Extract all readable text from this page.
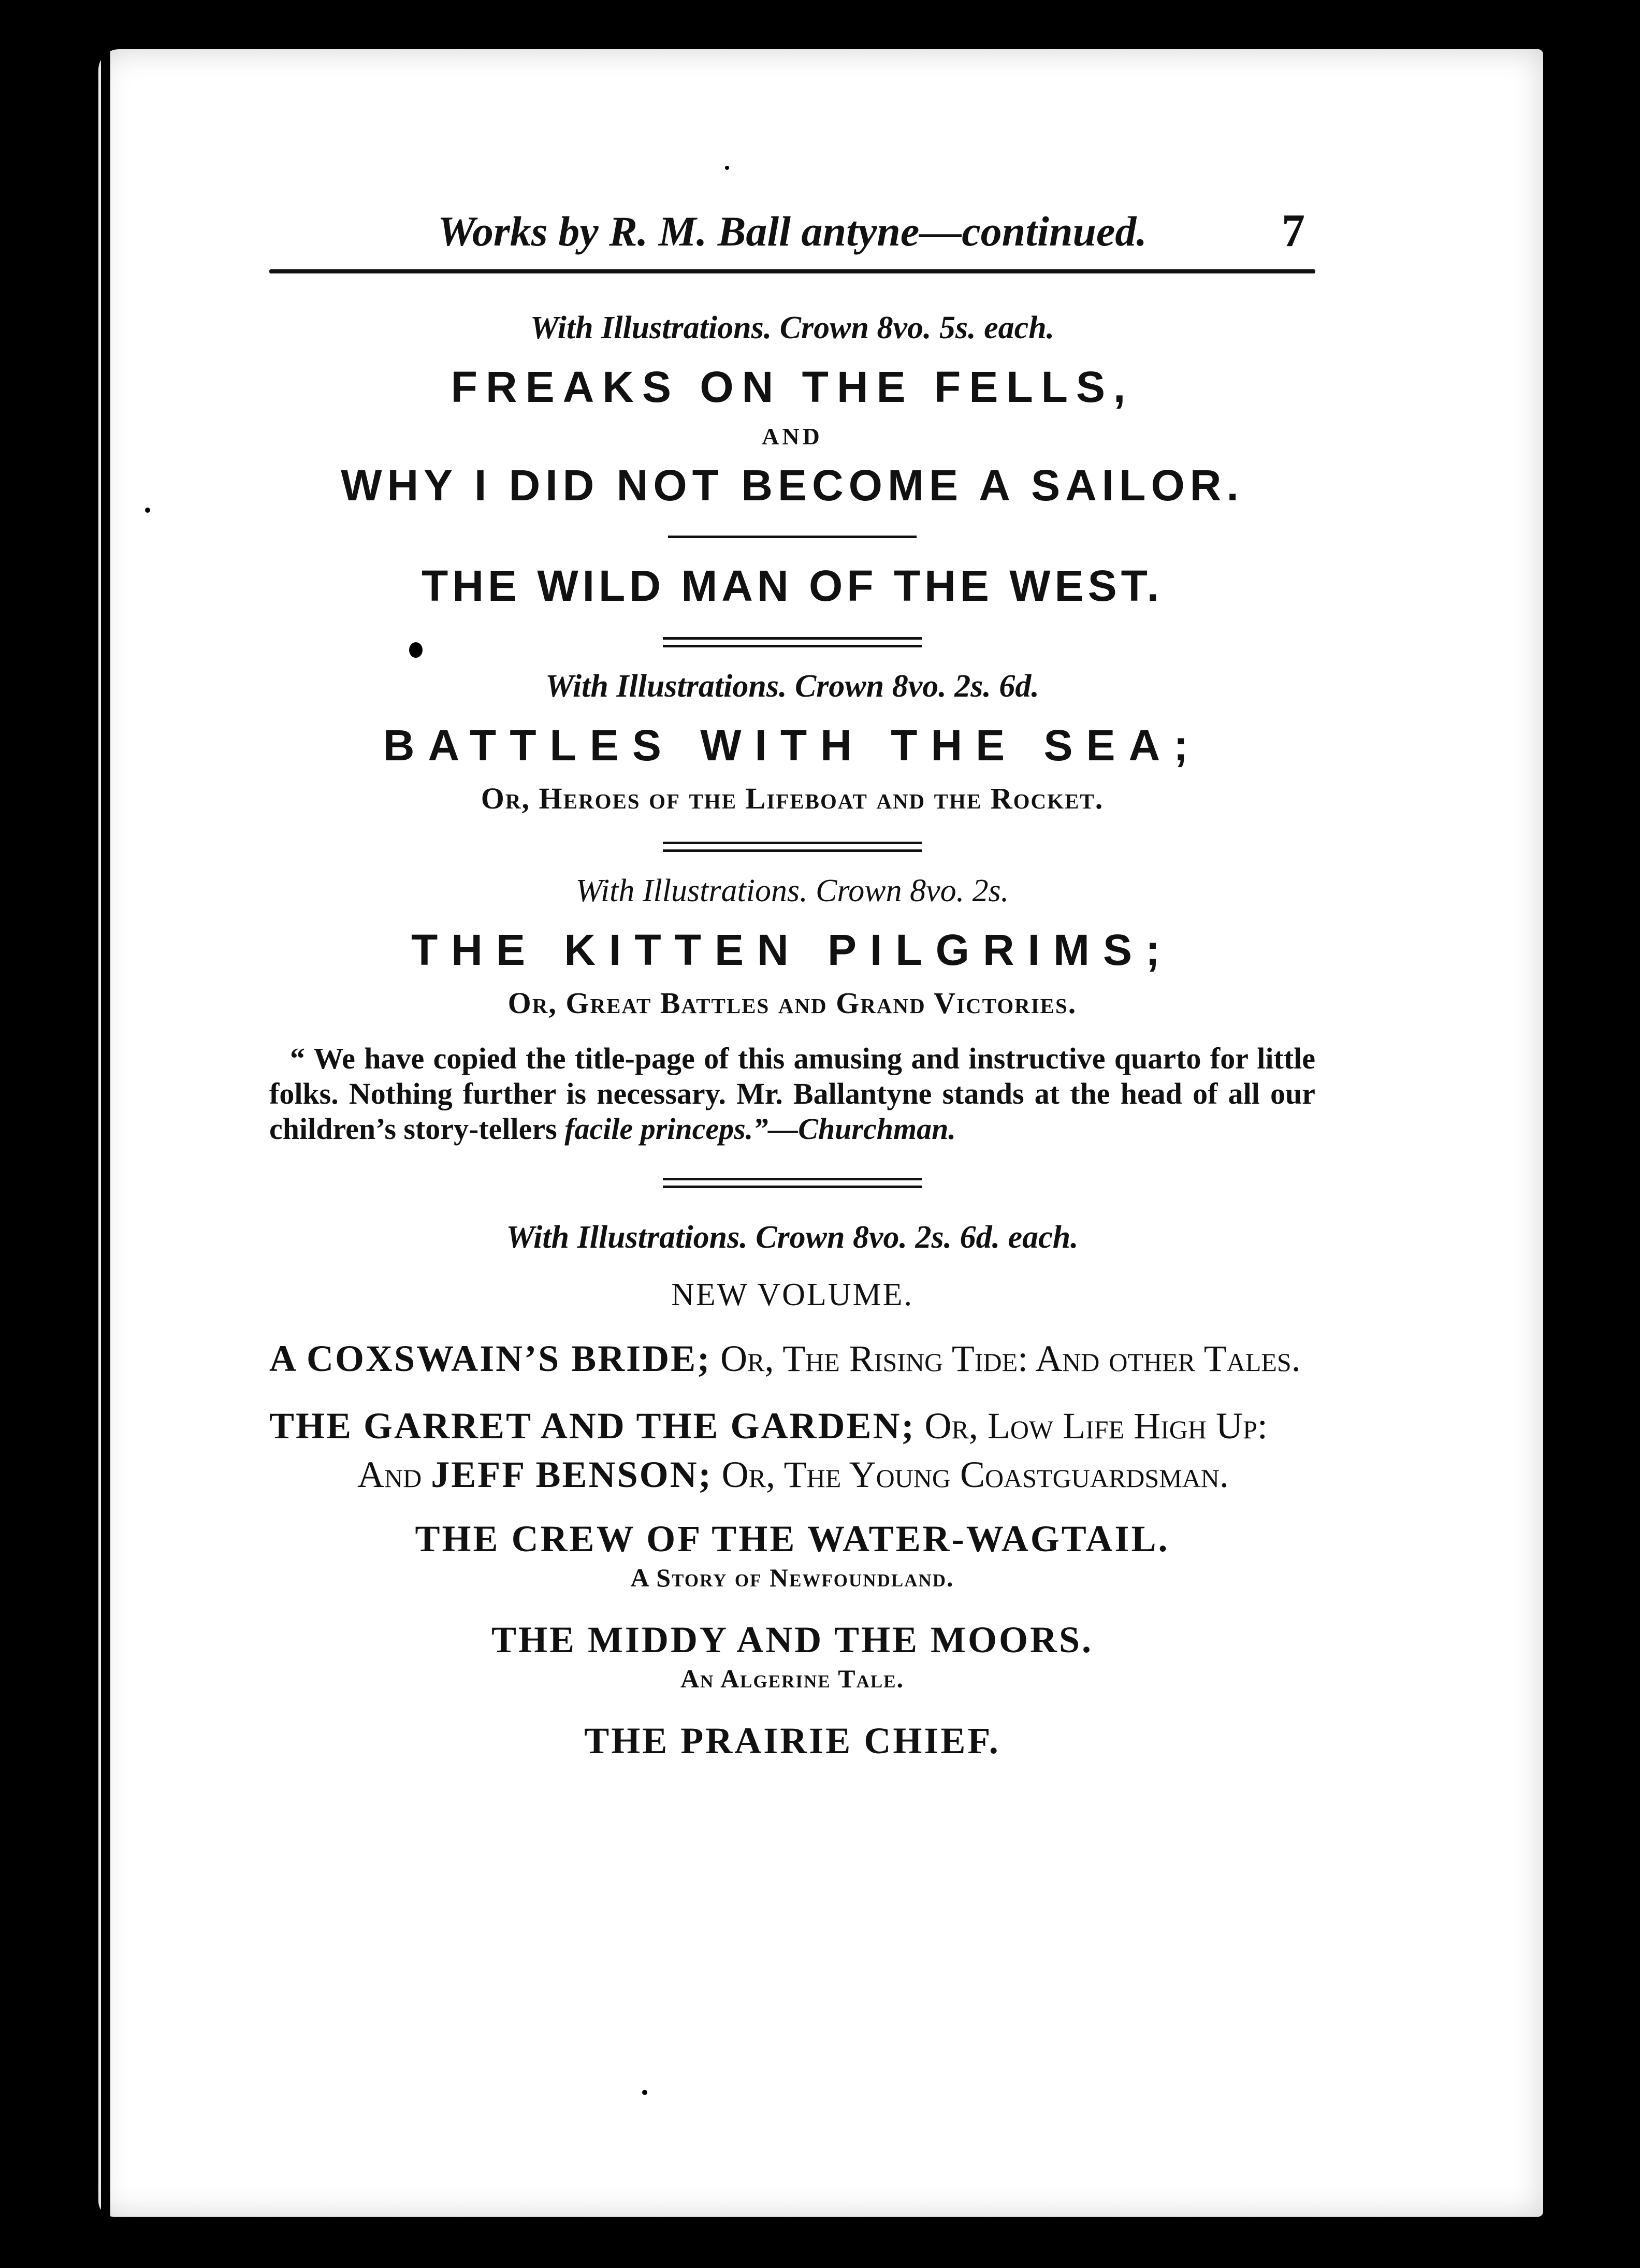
Works by R. M. Ball antyne—continued.	7
With Illustrations. Crown 8vo. 5s. each.
FREAKS ON THE FELLS,
AND
WHY I DID NOT BECOME A SAILOR.
THE WILD MAN OF THE WEST.
With Illustrations. Crown 8vo. 2s. 6d.
BATTLES WITH THE SEA;
Or, Heroes of the Lifeboat and the Rocket.
With Illustrations. Crown 8vo. 2s.
THE KITTEN PILGRIMS;
Or, Great Battles and Grand Victories.
“ We have copied the title-page of this amusing and instructive quarto for little folks. Nothing further is necessary. Mr. Ballantyne stands at the head of all our children’s story-tellers facile princeps.”—Churchman.
With Illustrations. Crown 8vo. 2s. 6d. each.
NEW VOLUME.
A COXSWAIN’S BRIDE; Or, The Rising Tide: And other Tales.
THE GARRET AND THE GARDEN; Or, Low Life High Up: And JEFF BENSON; Or, The Young Coastguardsman.
THE CREW OF THE WATER-WAGTAIL.
A Story of Newfoundland.
THE MIDDY AND THE MOORS.
An Algerine Tale.
THE PRAIRIE CHIEF.
